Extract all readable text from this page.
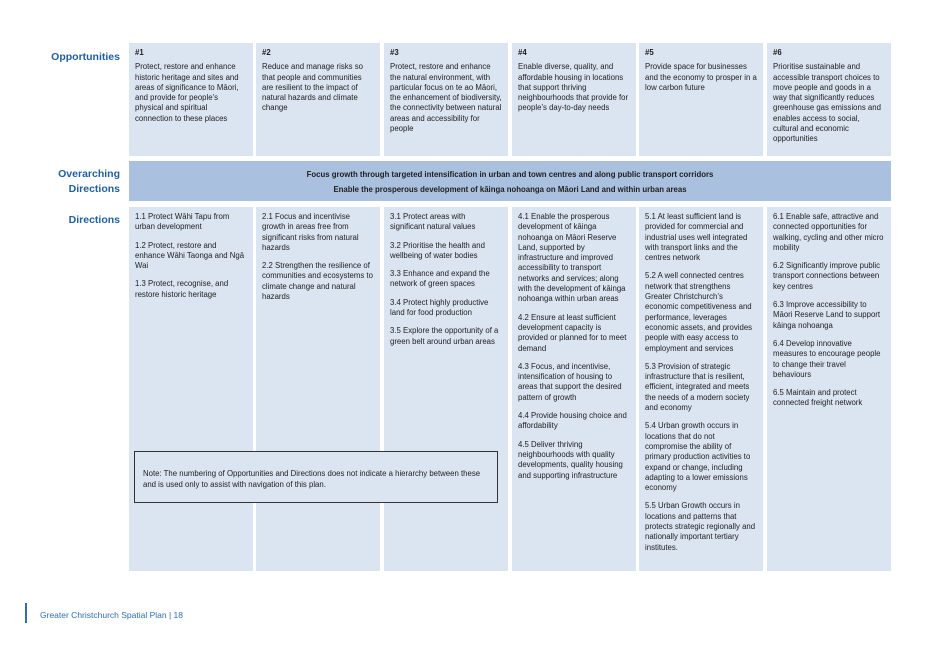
Opportunities
Overarching
Directions
Directions
#1
Protect, restore and enhance historic heritage and sites and areas of significance to Māori, and provide for people’s physical and spiritual connection to these places
#2
Reduce and manage risks so that people and communities are resilient to the impact of natural hazards and climate change
#3
Protect, restore and enhance the natural environment, with particular focus on te ao Māori, the enhancement of biodiversity, the connectivity between natural areas and accessibility for people
#4
Enable diverse, quality, and affordable housing in locations that support thriving neighbourhoods that provide for people’s day-to-day needs
#5
Provide space for businesses and the economy to prosper in a low carbon future
#6
Prioritise sustainable and accessible transport choices to move people and goods in a way that significantly reduces greenhouse gas emissions and enables access to social, cultural and economic opportunities
Focus growth through targeted intensification in urban and town centres and along public transport corridors
Enable the prosperous development of kāinga nohoanga on Māori Land and within urban areas

1.1 Protect Wāhi Tapu from urban development

1.2 Protect, restore and enhance Wāhi Taonga and Ngā Wai

1.3 Protect, recognise, and restore historic heritage

2.1 Focus and incentivise growth in areas free from significant risks from natural hazards

2.2 Strengthen the resilience of communities and ecosystems to climate change and natural hazards

3.1 Protect areas with significant natural values

3.2 Prioritise the health and wellbeing of water bodies

3.3 Enhance and expand the network of green spaces

3.4 Protect highly productive land for food production

3.5 Explore the opportunity of a green belt around urban areas

4.1 Enable the prosperous development of kāinga nohoanga on Māori Reserve Land, supported by infrastructure and improved accessibility to transport networks and services; along with the development of kāinga nohoanga within urban areas

4.2 Ensure at least sufficient development capacity is provided or planned for to meet demand

4.3 Focus, and incentivise, intensification of housing to areas that support the desired pattern of growth

4.4 Provide housing choice and affordability

4.5 Deliver thriving neighbourhoods with quality developments, quality housing and supporting infrastructure

5.1 At least sufficient land is provided for commercial and industrial uses well integrated with transport links and the centres network

5.2 A well connected centres network that strengthens Greater Christchurch’s economic competitiveness and performance, leverages economic assets, and provides people with easy access to employment and services

5.3 Provision of strategic infrastructure that is resilient, efficient, integrated and meets the needs of a modern society and economy

5.4 Urban growth occurs in locations that do not compromise the ability of primary production activities to expand or change, including adapting to a lower emissions economy

5.5 Urban Growth occurs in locations and patterns that protects strategic regionally and nationally important tertiary institutes.

6.1 Enable safe, attractive and connected opportunities for walking, cycling and other micro mobility

6.2 Significantly improve public transport connections between key centres

6.3 Improve accessibility to Māori Reserve Land to support kāinga nohoanga

6.4 Develop innovative measures to encourage people to change their travel behaviours

6.5 Maintain and protect connected freight network

Note: The numbering of Opportunities and Directions does not indicate a hierarchy between these and is used only to assist with navigation of this plan.
Greater Christchurch Spatial Plan | 18
